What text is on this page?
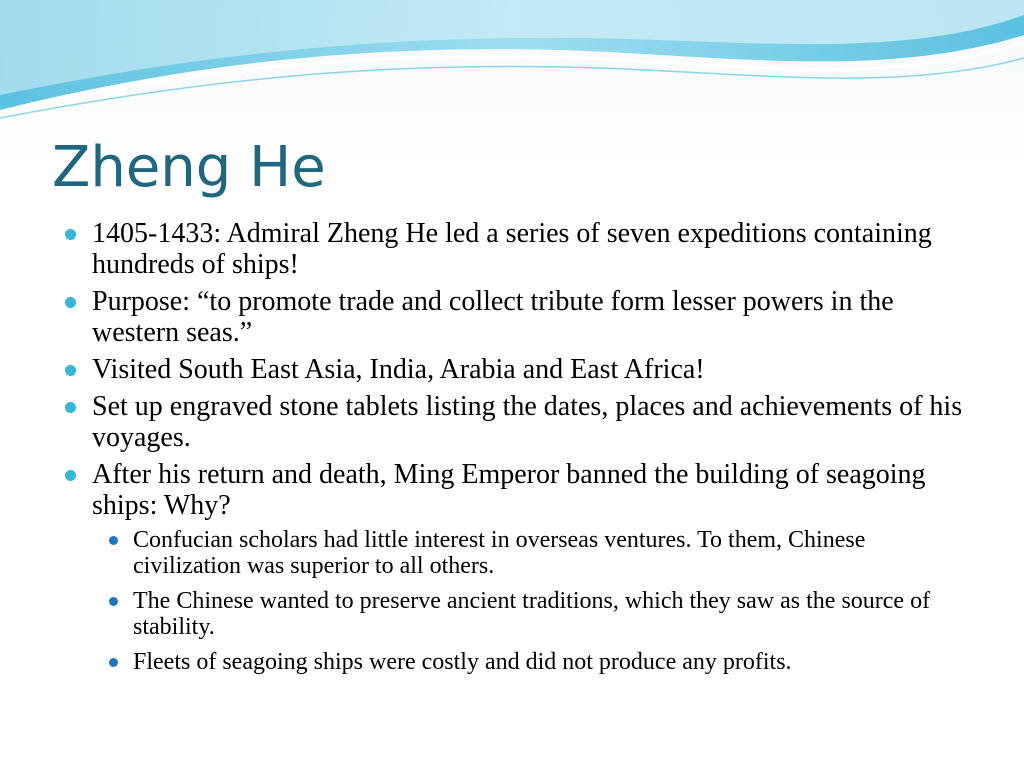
Zheng He
1405-1433: Admiral Zheng He led a series of seven expeditions containing hundreds of ships!
Purpose: “to promote trade and collect tribute form lesser powers in the western seas.”
Visited South East Asia, India, Arabia and East Africa!
Set up engraved stone tablets listing the dates, places and achievements of his voyages.
After his return and death, Ming Emperor banned the building of seagoing ships: Why?
Confucian scholars had little interest in overseas ventures. To them, Chinese civilization was superior to all others.
The Chinese wanted to preserve ancient traditions, which they saw as the source of stability.
Fleets of seagoing ships were costly and did not produce any profits.
